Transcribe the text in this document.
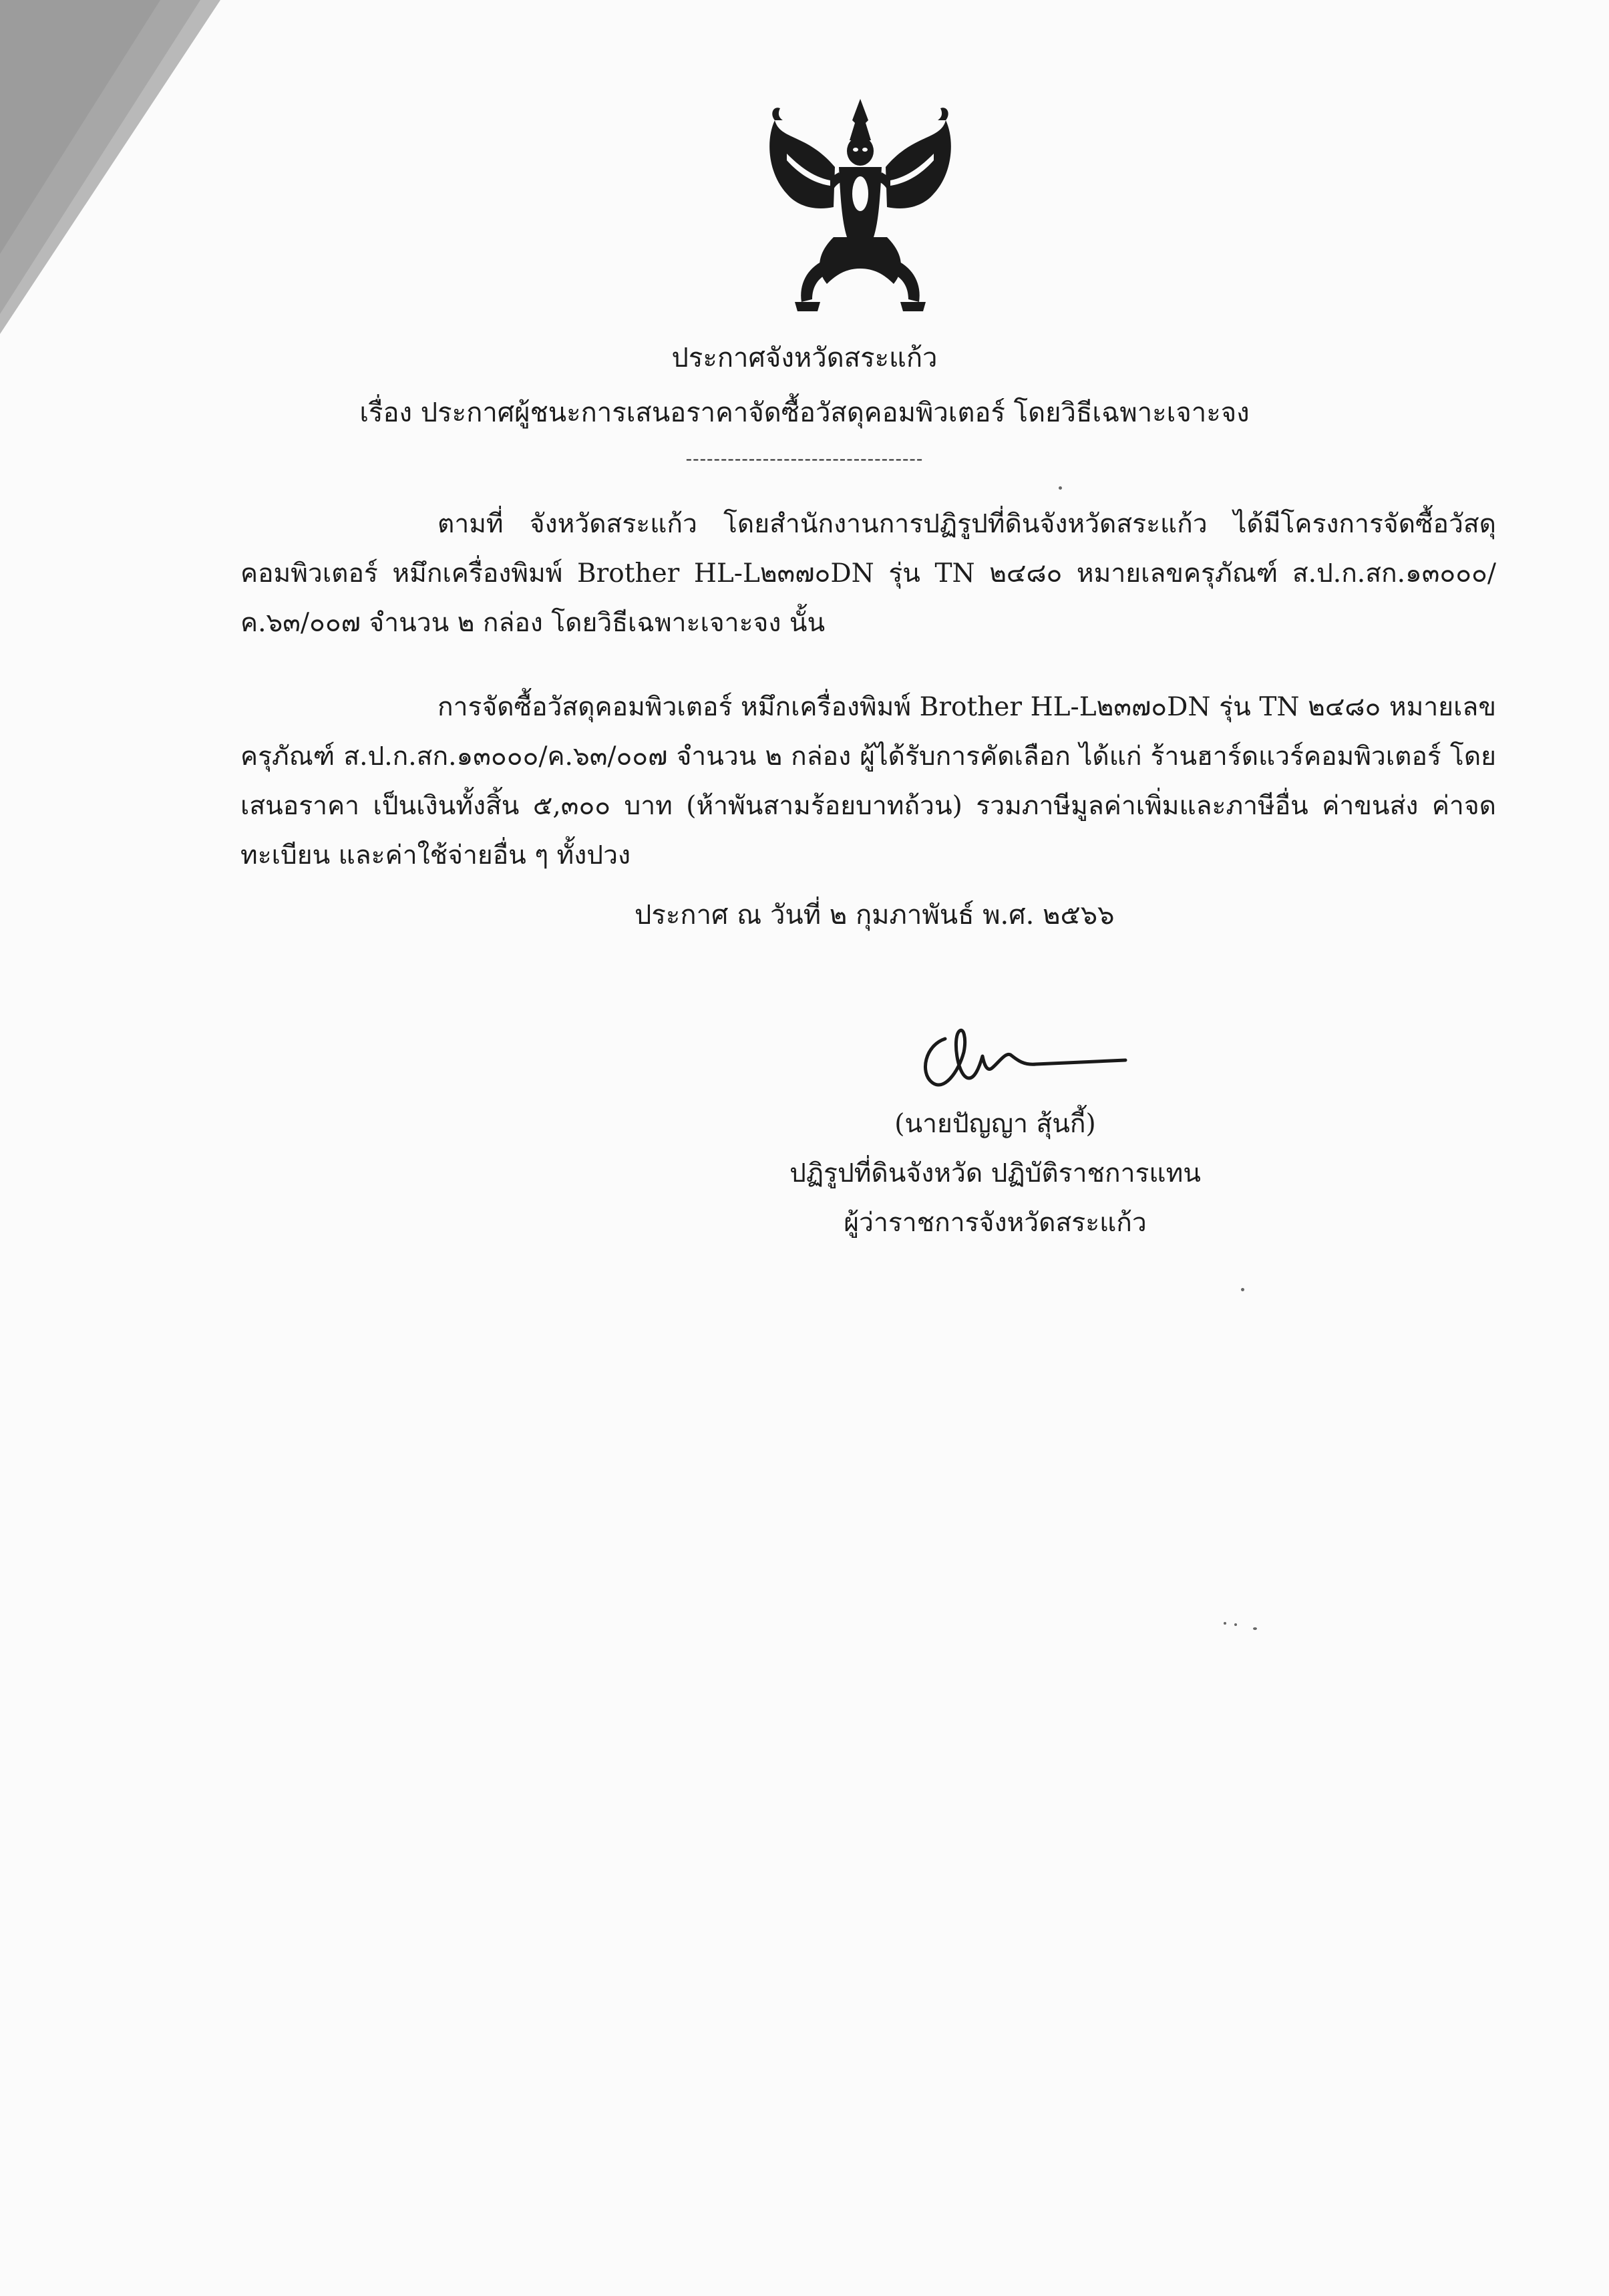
ประกาศจังหวัดสระแก้ว
เรื่อง ประกาศผู้ชนะการเสนอราคาจัดซื้อวัสดุคอมพิวเตอร์ โดยวิธีเฉพาะเจาะจง
----------------------------------
ตามที่ จังหวัดสระแก้ว โดยสำนักงานการปฏิรูปที่ดินจังหวัดสระแก้ว ได้มีโครงการจัดซื้อวัสดุคอมพิวเตอร์ หมึกเครื่องพิมพ์ Brother HL-L๒๓๗๐DN รุ่น TN ๒๔๘๐ หมายเลขครุภัณฑ์ ส.ป.ก.สก.๑๓๐๐๐/ค.๖๓/๐๐๗ จำนวน ๒ กล่อง โดยวิธีเฉพาะเจาะจง นั้น
การจัดซื้อวัสดุคอมพิวเตอร์ หมึกเครื่องพิมพ์ Brother HL-L๒๓๗๐DN รุ่น TN ๒๔๘๐ หมายเลขครุภัณฑ์ ส.ป.ก.สก.๑๓๐๐๐/ค.๖๓/๐๐๗ จำนวน ๒ กล่อง ผู้ได้รับการคัดเลือก ได้แก่ ร้านฮาร์ดแวร์คอมพิวเตอร์ โดยเสนอราคา เป็นเงินทั้งสิ้น ๕,๓๐๐ บาท (ห้าพันสามร้อยบาทถ้วน) รวมภาษีมูลค่าเพิ่มและภาษีอื่น ค่าขนส่ง ค่าจดทะเบียน และค่าใช้จ่ายอื่น ๆ ทั้งปวง
ประกาศ ณ วันที่ ๒ กุมภาพันธ์ พ.ศ. ๒๕๖๖
(นายปัญญา สุ้นกี้)
ปฏิรูปที่ดินจังหวัด ปฏิบัติราชการแทน
ผู้ว่าราชการจังหวัดสระแก้ว
